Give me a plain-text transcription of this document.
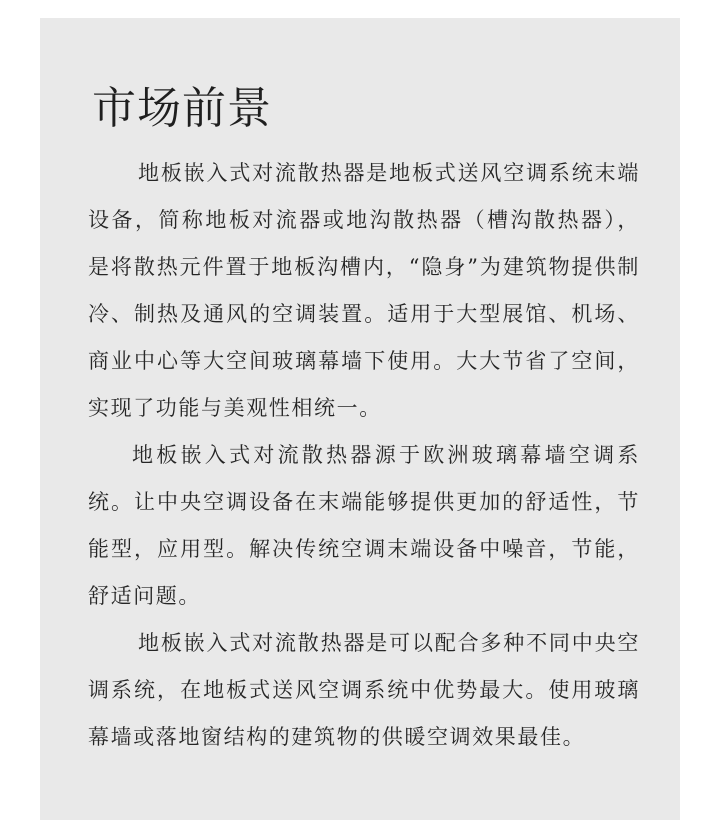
市场前景

地板嵌入式对流散热器是地板式送风空调系统末端设备，简称地板对流器或地沟散热器（槽沟散热器），是将散热元件置于地板沟槽内，“隐身”为建筑物提供制冷、制热及通风的空调装置。适用于大型展馆、机场、商业中心等大空间玻璃幕墙下使用。大大节省了空间，实现了功能与美观性相统一。

地板嵌入式对流散热器源于欧洲玻璃幕墙空调系统。让中央空调设备在末端能够提供更加的舒适性，节能型，应用型。解决传统空调末端设备中噪音，节能，舒适问题。

地板嵌入式对流散热器是可以配合多种不同中央空调系统，在地板式送风空调系统中优势最大。使用玻璃幕墙或落地窗结构的建筑物的供暖空调效果最佳。
